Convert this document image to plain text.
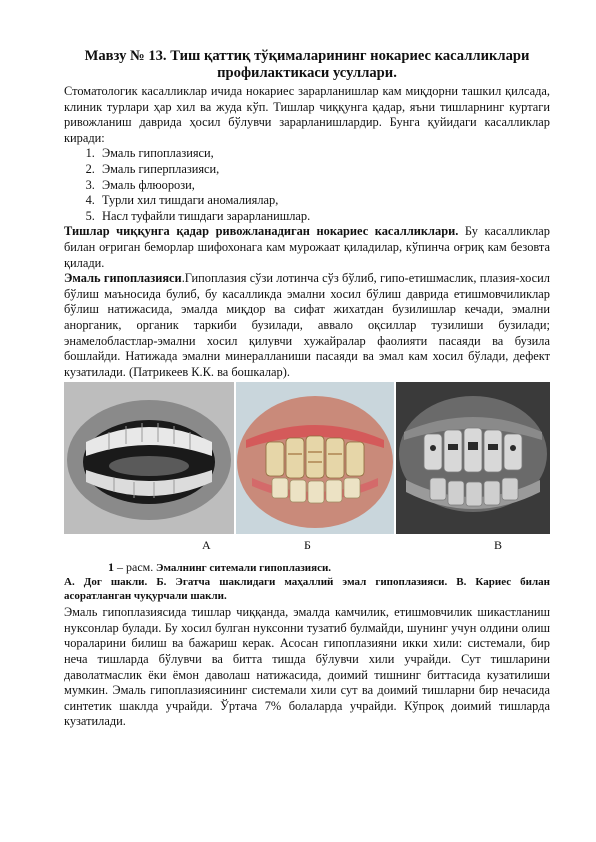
Мавзу № 13. Тиш қаттиқ тўқималарининг нокариес касалликлари профилактикаси усуллари.

Стоматологик касалликлар ичида нокариес зарарланишлар кам миқдорни ташкил қилсада, клиник турлари ҳар хил ва жуда кўп. Тишлар чиққунга қадар, яъни тишларнинг куртаги ривожланиш даврида ҳосил бўлувчи зарарланишлардир. Бунга қуйидаги касалликлар киради:

1. Эмаль гипоплазияси,
2. Эмаль гиперплазияси,
3. Эмаль флюорози,
4. Турли хил тишдаги аномалиялар,
5. Насл туфайли тишдаги зарарланишлар.

Тишлар чиққунга қадар ривожланадиган нокариес касалликлари. Бу касалликлар билан оғриган беморлар шифохонага кам мурожаат қиладилар, кўпинча оғриқ кам безовта қилади.

Эмаль гипоплазияси.Гипоплазия сўзи лотинча сўз бўлиб, гипо-етишмаслик, плазия-хосил бўлиш маъносида булиб, бу касалликда эмални хосил бўлиш даврида етишмовчиликлар бўлиш натижасида, эмалда миқдор ва сифат жихатдан бузилишлар кечади, эмални анорганик, органик таркиби бузилади, аввало оқсиллар тузилиши бузилади; энамелобластлар-эмални хосил қилувчи хужайралар фаолияти пасаяди ва бузила бошлайди. Натижада эмални минералланиши пасаяди ва эмал кам хосил бўлади, дефект кузатилади. (Патрикеев К.К. ва бошкалар).

А	Б	В
1 – расм. Эмалнинг ситемали гипоплазияси.
А. Дог шакли. Б. Эгатча шаклидаги маҳаллий эмал гипоплазияси. В. Кариес билан асоратланган чуқурчали шакли.

Эмаль гипоплазиясида тишлар чиққанда, эмалда камчилик, етишмовчилик шикастланиш нуксонлар булади. Бу хосил булган нуксонни тузатиб булмайди, шунинг учун олдини олиш чораларини билиш ва бажариш керак. Асосан гипоплазияни икки хили: системали, бир неча тишларда бўлувчи ва битта тишда бўлувчи хили учрайди. Сут тишларини даволатмаслик ёки ёмон даволаш натижасида, доимий тишнинг биттасида кузатилиши мумкин. Эмаль гипоплазиясининг системали хили сут ва доимий тишларни бир нечасида синтетик шаклда учрайди. Ўртача 7% болаларда учрайди. Кўпроқ доимий тишларда кузатилади.
